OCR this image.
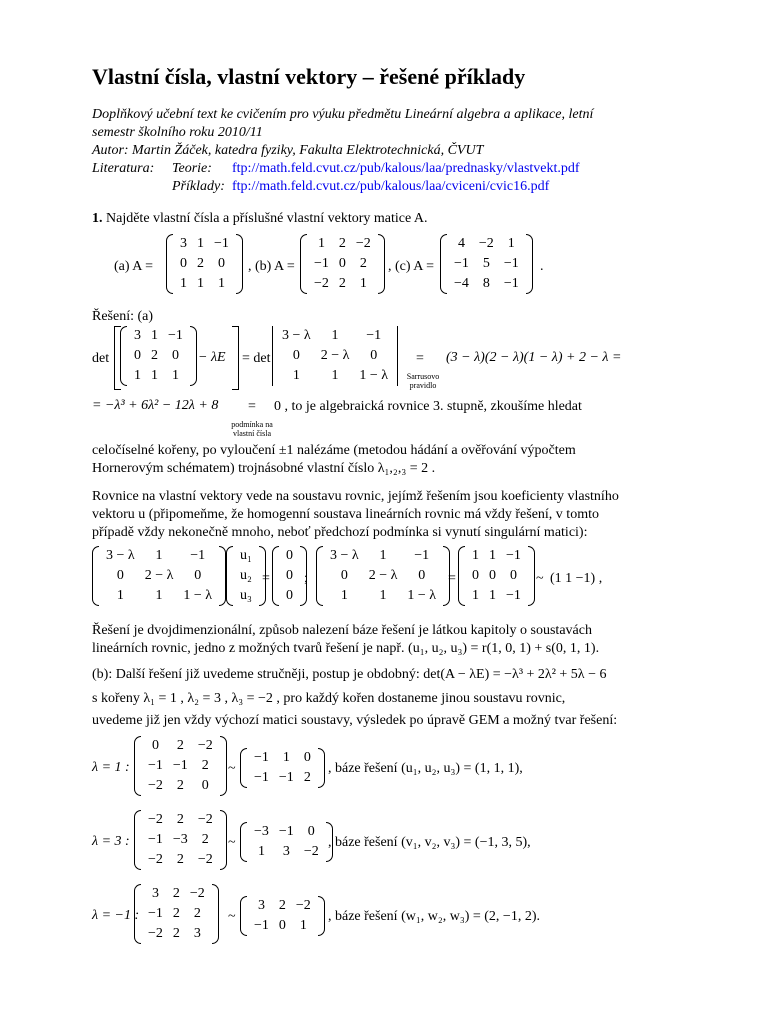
Vlastní čísla, vlastní vektory – řešené příklady
Doplňkový učební text ke cvičením pro výuku předmětu Lineární algebra a aplikace, letní
semestr školního roku 2010/11
Autor: Martin Žáček, katedra fyziky, Fakulta Elektrotechnická, ČVUT
Literatura: Teorie: ftp://math.feld.cvut.cz/pub/kalous/laa/prednasky/vlastvekt.pdf
Příklady: ftp://math.feld.cvut.cz/pub/kalous/laa/cviceni/cvic16.pdf
1. Najděte vlastní čísla a příslušné vlastní vektory matice A.
(a) A =
3	1	−1
0	2	0
1	1	1
, (b) A =
1	2	−2
−1	0	2
−2	2	1
, (c) A =
4	−2	1
−1	5	−1
−4	8	−1
.
Řešení: (a)
det
3	1	−1
0	2	0
1	1	1
− λE = det
3 − λ	1	−1
0	2 − λ	0
1	1	1 − λ
=
Sarrusovo pravidlo
(3 − λ)(2 − λ)(1 − λ) + 2 − λ =
= −λ³ + 6λ² − 12λ + 8 =
podmínka na vlastní čísla
0 , to je algebraická rovnice 3. stupně, zkoušíme hledat
celočíselné kořeny, po vyloučení ±1 nalézáme (metodou hádání a ověřování výpočtem
Hornerovým schématem) trojnásobné vlastní číslo λ₁,₂,₃ = 2 .
Rovnice na vlastní vektory vede na soustavu rovnic, jejímž řešením jsou koeficienty vlastního
vektoru u (připomeňme, že homogenní soustava lineárních rovnic má vždy řešení, v tomto
případě vždy nekonečně mnoho, neboť předchozí podmínka si vynutí singulární matici):
3 − λ	1	−1
0	2 − λ	0
1	1	1 − λ
u₁
u₂
u₃
=
0
0
0
;
3 − λ	1	−1
0	2 − λ	0
1	1	1 − λ
=
1	1	−1
0	0	0
1	1	−1
~ (1 1 −1) ,
Řešení je dvojdimenzionální, způsob nalezení báze řešení je látkou kapitoly o soustavách
lineárních rovnic, jedno z možných tvarů řešení je např. (u₁, u₂, u₃) = r(1, 0, 1) + s(0, 1, 1).
(b): Další řešení již uvedeme stručněji, postup je obdobný: det(A − λE) = −λ³ + 2λ² + 5λ − 6
s kořeny λ₁ = 1 , λ₂ = 3 , λ₃ = −2 , pro každý kořen dostaneme jinou soustavu rovnic,
uvedeme již jen vždy výchozí matici soustavy, výsledek po úpravě GEM a možný tvar řešení:
λ = 1 :
0	2	−2
−1	−1	2
−2	2	0
~
−1	1	0
−1	−1	2
, báze řešení (u₁, u₂, u₃) = (1, 1, 1),
λ = 3 :
−2	2	−2
−1	−3	2
−2	2	−2
~
−3	−1	0
1	3	−2
, báze řešení (v₁, v₂, v₃) = (−1, 3, 5),
λ = −1 :
3	2	−2
−1	2	2
−2	2	3
~
3	2	−2
−1	0	1
, báze řešení (w₁, w₂, w₃) = (2, −1, 2).
